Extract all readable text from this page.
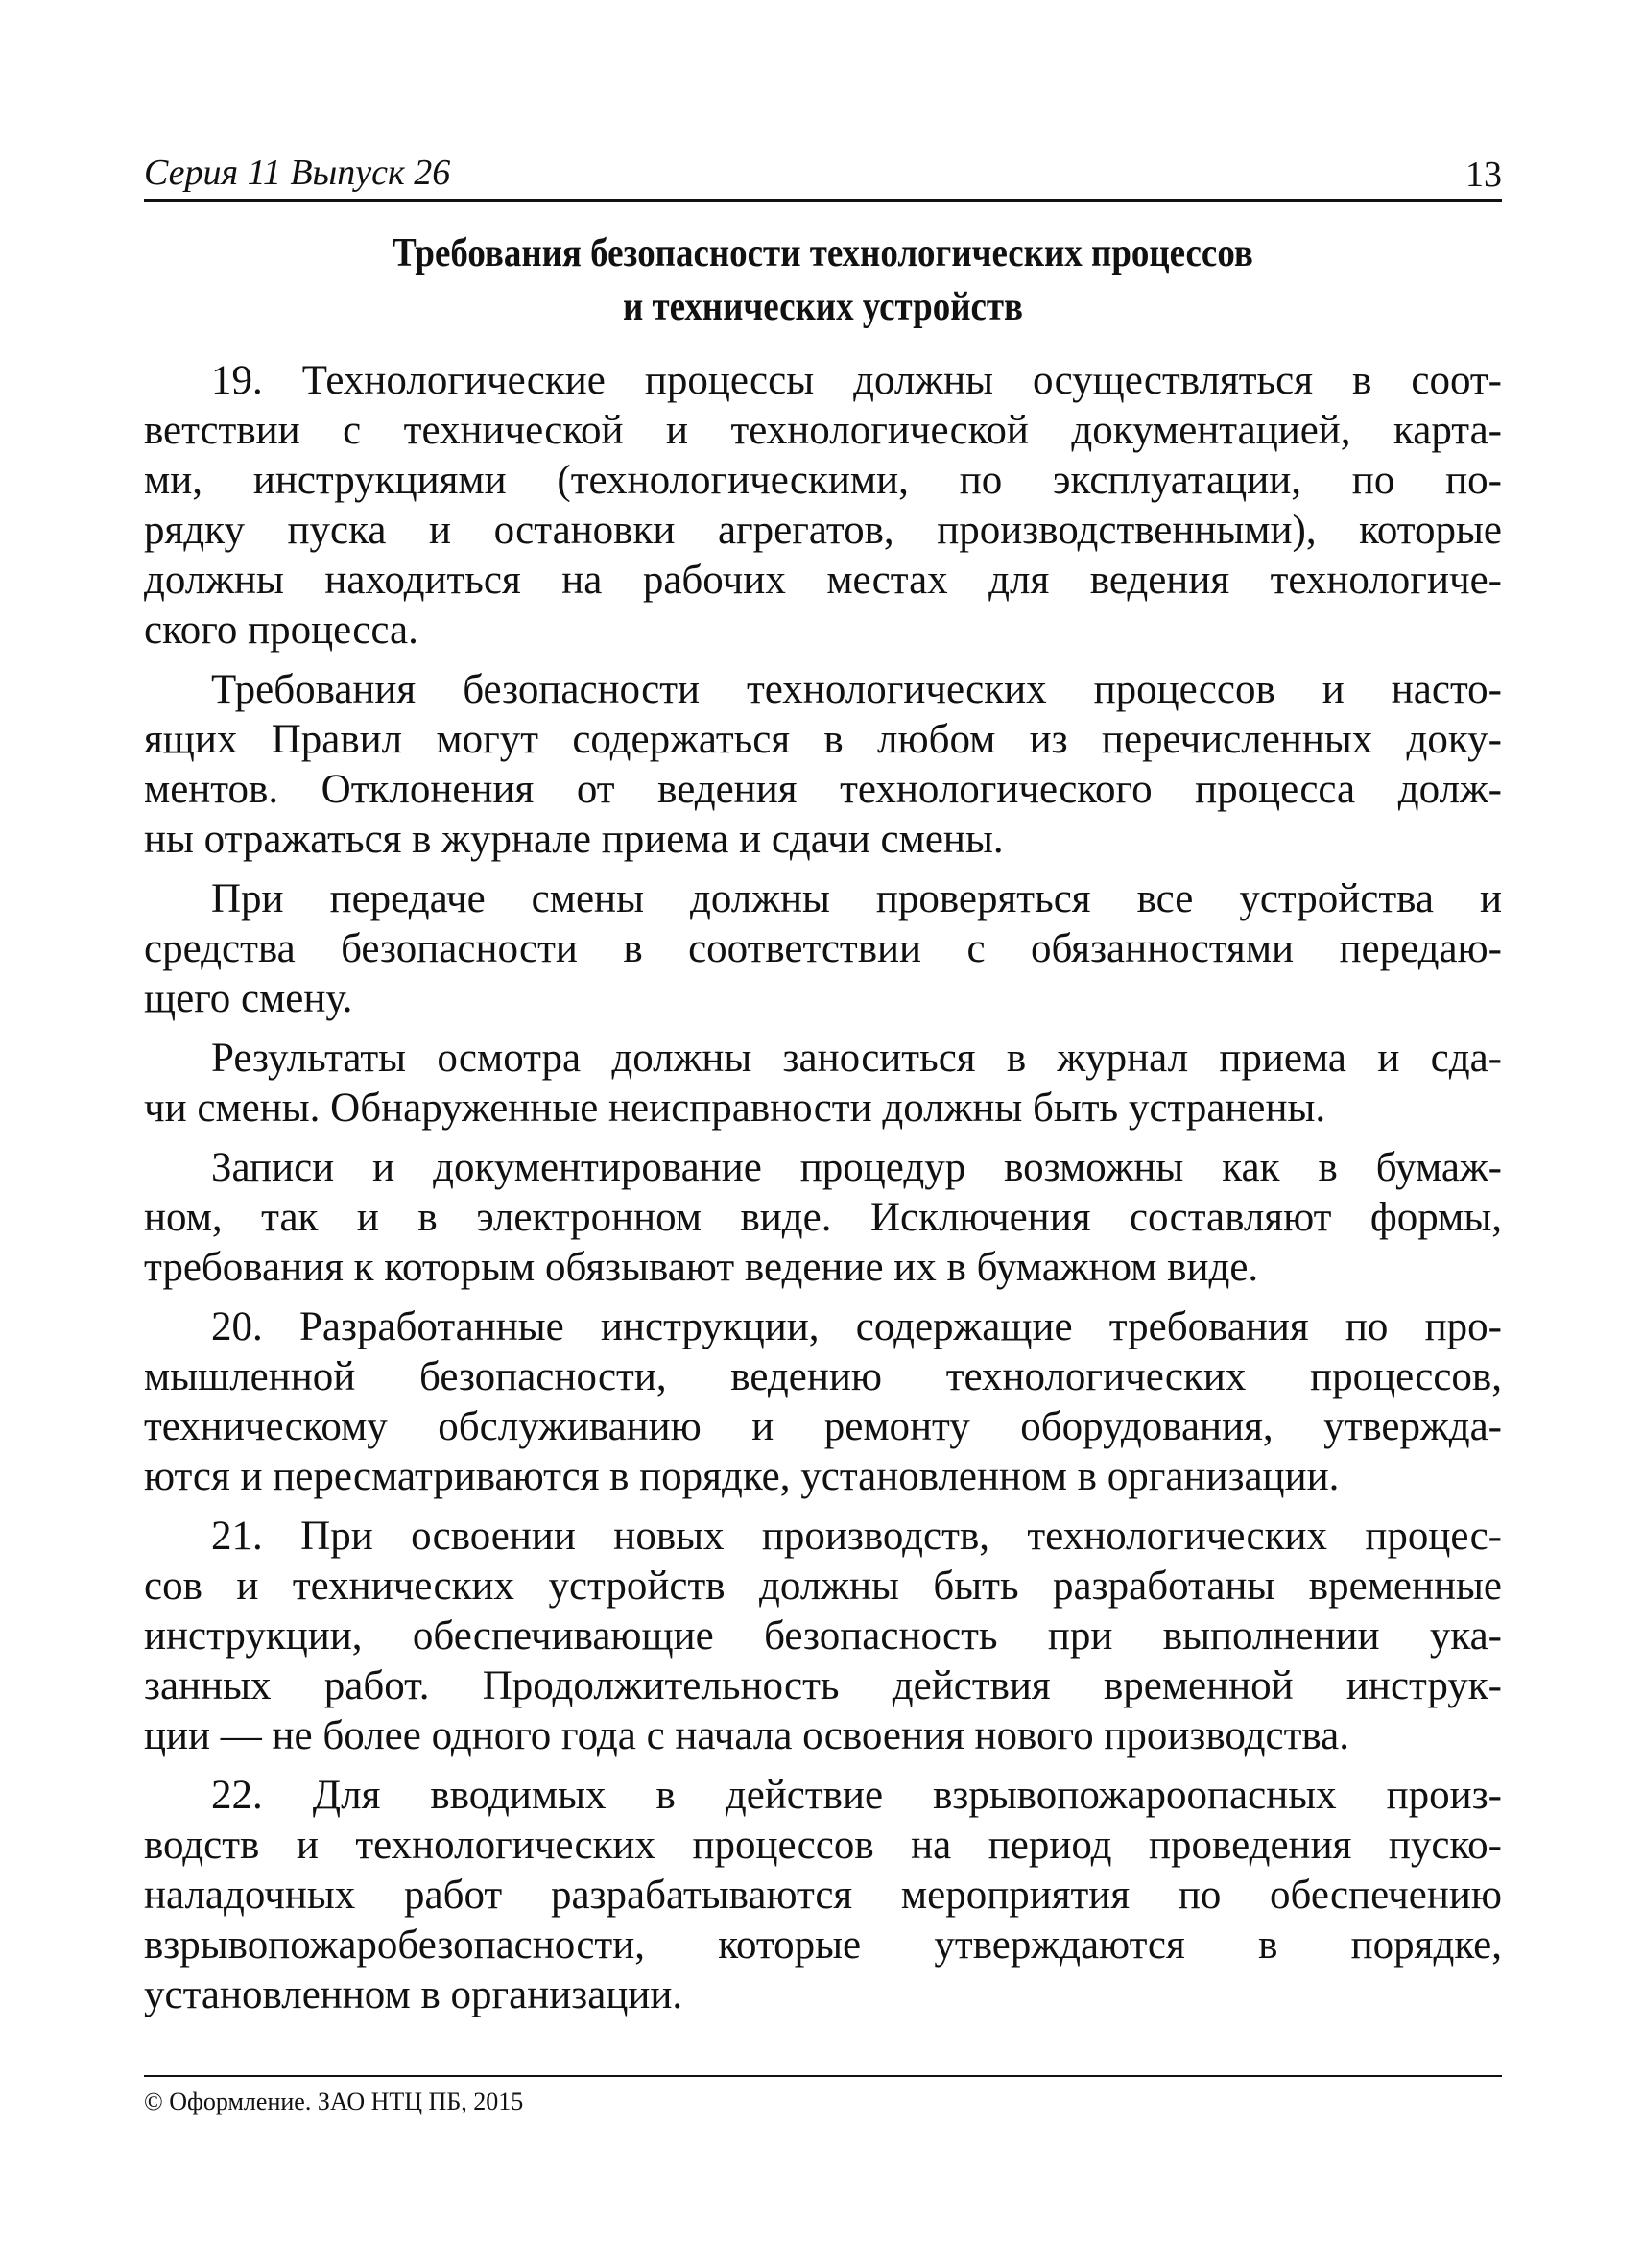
Серия 11 Выпуск 26	13
Требования безопасности технологических процессов
и технических устройств
19. Технологические процессы должны осуществляться в соот-
ветствии с технической и технологической документацией, карта-
ми, инструкциями (технологическими, по эксплуатации, по по-
рядку пуска и остановки агрегатов, производственными), которые
должны находиться на рабочих местах для ведения технологиче-
ского процесса.
Требования безопасности технологических процессов и насто-
ящих Правил могут содержаться в любом из перечисленных доку-
ментов. Отклонения от ведения технологического процесса долж-
ны отражаться в журнале приема и сдачи смены.
При передаче смены должны проверяться все устройства и
средства безопасности в соответствии с обязанностями передаю-
щего смену.
Результаты осмотра должны заноситься в журнал приема и сда-
чи смены. Обнаруженные неисправности должны быть устранены.
Записи и документирование процедур возможны как в бумаж-
ном, так и в электронном виде. Исключения составляют формы,
требования к которым обязывают ведение их в бумажном виде.
20. Разработанные инструкции, содержащие требования по про-
мышленной безопасности, ведению технологических процессов,
техническому обслуживанию и ремонту оборудования, утвержда-
ются и пересматриваются в порядке, установленном в организации.
21. При освоении новых производств, технологических процес-
сов и технических устройств должны быть разработаны временные
инструкции, обеспечивающие безопасность при выполнении ука-
занных работ. Продолжительность действия временной инструк-
ции — не более одного года с начала освоения нового производства.
22. Для вводимых в действие взрывопожароопасных произ-
водств и технологических процессов на период проведения пуско-
наладочных работ разрабатываются мероприятия по обеспечению
взрывопожаробезопасности, которые утверждаются в порядке,
установленном в организации.
© Оформление. ЗАО НТЦ ПБ, 2015
